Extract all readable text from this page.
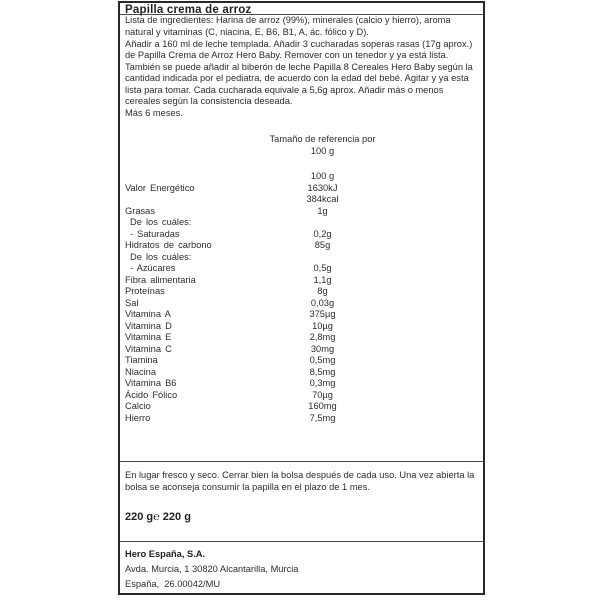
Papilla crema de arroz

Lista de ingredientes: Harina de arroz (99%), minerales (calcio y hierro), aroma natural y vitaminas (C, niacina, E, B6, B1, A, ác. fólico y D).

Añadir a 160 ml de leche templada. Añadir 3 cucharadas soperas rasas (17g aprox.) de Papilla Crema de Arroz Hero Baby. Remover con un tenedor y ya está lista. También se puede añadir al biberón de leche Papilla 8 Cereales Hero Baby según la cantidad indicada por el pediatra, de acuerdo con la edad del bebé. Agitar y ya esta lista para tomar. Cada cucharada equivale a 5,6g aprox. Añadir más o menos cereales según la consistencia deseada.

Más 6 meses.

Tamaño de referencia por
100 g
100 g
Valor Energético	1630kJ
384kcal
Grasas	1g
De los cuáles:
- Saturadas	0,2g
Hidratos de carbono	85g
De los cuáles:
- Azúcares	0,5g
Fibra alimentaria	1,1g
Proteínas	8g
Sal	0,03g
Vitamina A	375µg
Vitamina D	10µg
Vitamina E	2,8mg
Vitamina C	30mg
Tiamina	0,5mg
Niacina	8,5mg
Vitamina B6	0,3mg
Ácido Fólico	70µg
Calcio	160mg
Hierro	7,5mg

En lugar fresco y seco. Cerrar bien la bolsa después de cada uso. Una vez abierta la bolsa se aconseja consumir la papilla en el plazo de 1 mes.

220 g℮ 220 g

Hero España, S.A.
Avda. Murcia, 1 30820 Alcantarilla, Murcia
España,  26.00042/MU
